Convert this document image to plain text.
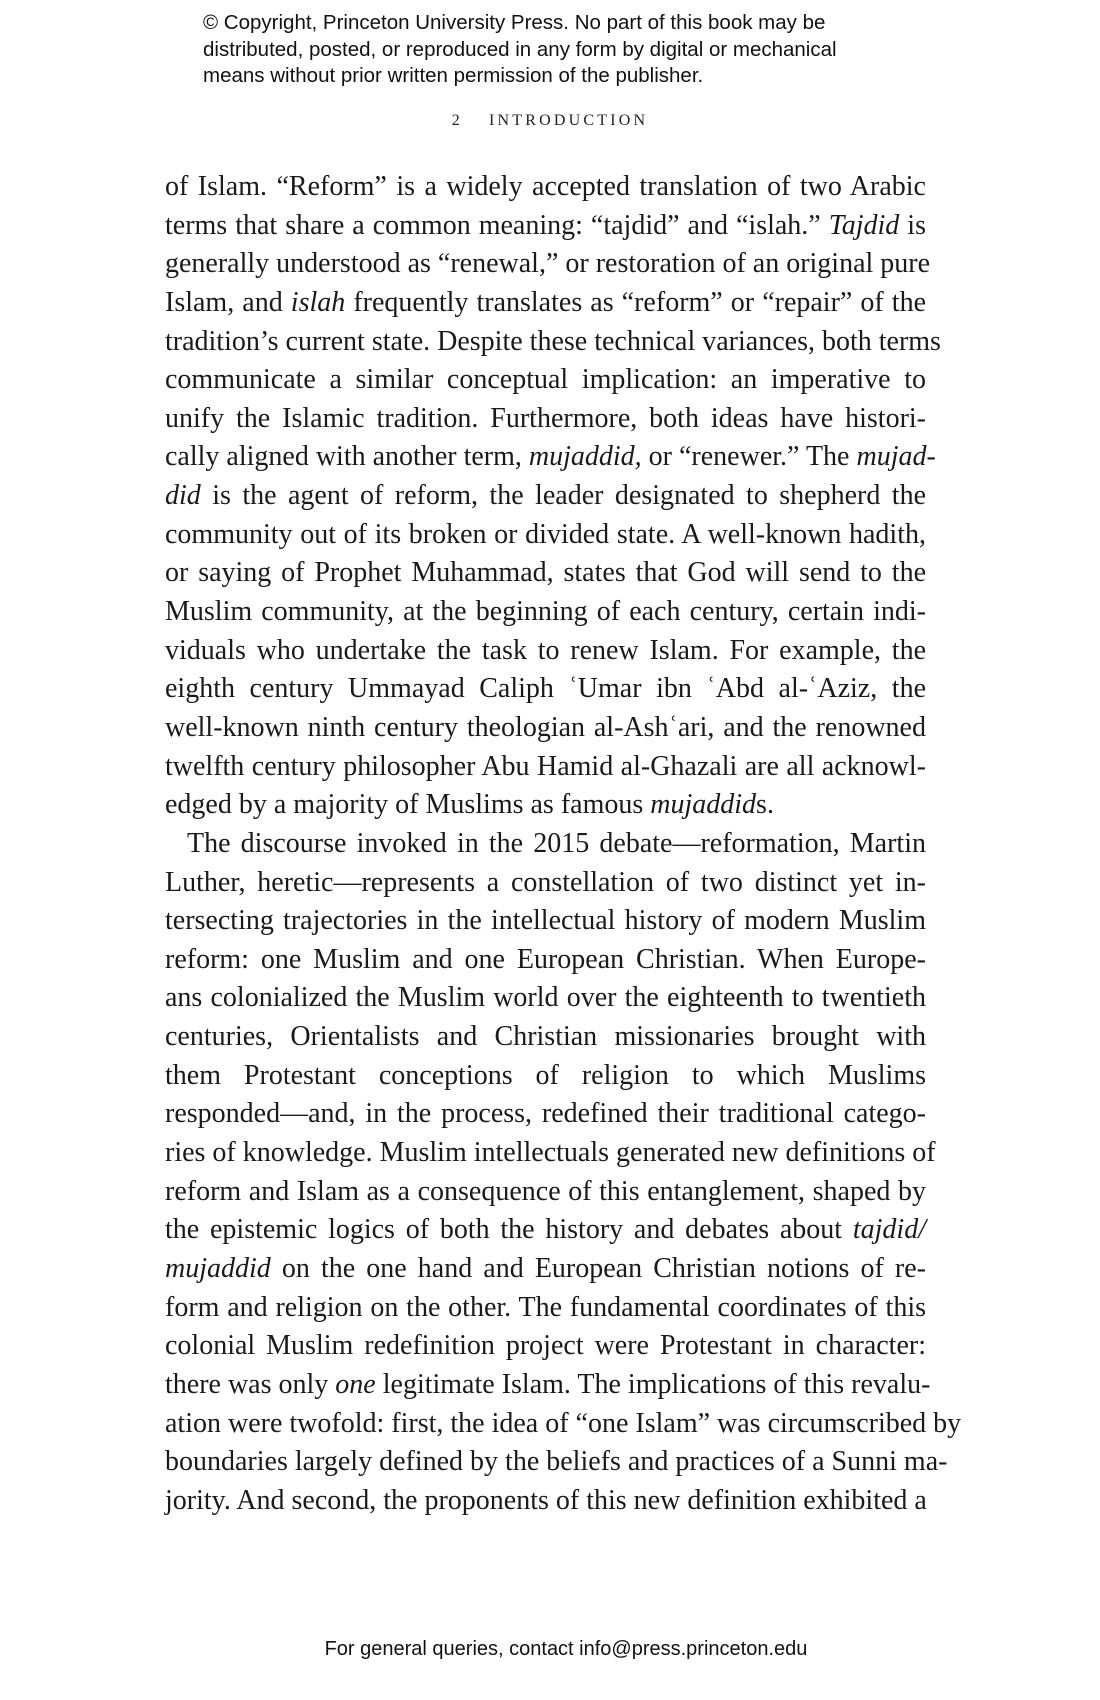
© Copyright, Princeton University Press. No part of this book may be
distributed, posted, or reproduced in any form by digital or mechanical
means without prior written permission of the publisher.
2 INTRODUCTION
of Islam. “Reform” is a widely accepted translation of two Arabic
terms that share a common meaning: “tajdid” and “islah.” Tajdid is
generally understood as “renewal,” or restoration of an original pure
Islam, and islah frequently translates as “reform” or “repair” of the
tradition’s current state. Despite these technical variances, both terms
communicate a similar conceptual implication: an imperative to
unify the Islamic tradition. Furthermore, both ideas have histori-
cally aligned with another term, mujaddid, or “renewer.” The mujad-
did is the agent of reform, the leader designated to shepherd the
community out of its broken or divided state. A well-known hadith,
or saying of Prophet Muhammad, states that God will send to the
Muslim community, at the beginning of each century, certain indi-
viduals who undertake the task to renew Islam. For example, the
eighth century Ummayad Caliph ʿUmar ibn ʿAbd al-ʿAziz, the
well-known ninth century theologian al-Ashʿari, and the renowned
twelfth century philosopher Abu Hamid al-Ghazali are all acknowl-
edged by a majority of Muslims as famous mujaddids.
The discourse invoked in the 2015 debate—reformation, Martin
Luther, heretic—represents a constellation of two distinct yet in-
tersecting trajectories in the intellectual history of modern Muslim
reform: one Muslim and one European Christian. When Europe-
ans colonialized the Muslim world over the eighteenth to twentieth
centuries, Orientalists and Christian missionaries brought with
them Protestant conceptions of religion to which Muslims
responded—and, in the process, redefined their traditional catego-
ries of knowledge. Muslim intellectuals generated new definitions of
reform and Islam as a consequence of this entanglement, shaped by
the epistemic logics of both the history and debates about tajdid/
mujaddid on the one hand and European Christian notions of re-
form and religion on the other. The fundamental coordinates of this
colonial Muslim redefinition project were Protestant in character:
there was only one legitimate Islam. The implications of this revalu-
ation were twofold: first, the idea of “one Islam” was circumscribed by
boundaries largely defined by the beliefs and practices of a Sunni ma-
jority. And second, the proponents of this new definition exhibited a
For general queries, contact info@press.princeton.edu
